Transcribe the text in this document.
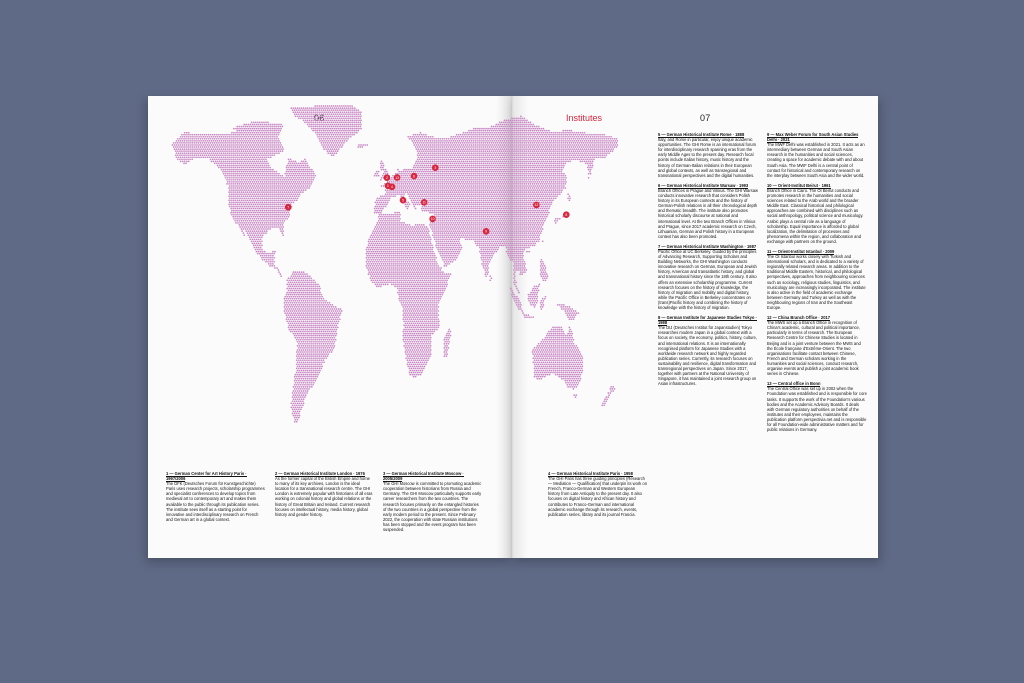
Institutes	07
1
2
3
4
5
6
7
8
9
10
11
12
13

1 — German Center for Art History Paris · 1997/2006
The DFK (Deutsches Forum für Kunstgeschichte) Paris uses research projects, scholarship programmes and specialist conferences to develop topics from medieval art to contemporary art and makes them available to the public through its publication series. The institute sees itself as a starting point for innovative and interdisciplinary research on French and German art in a global context.

2 — German Historical Institute London · 1976
As the former capital of the British Empire and home to many of its key archives, London is the ideal location for a transnational research centre. The GHI London is extremely popular with historians of all eras working on colonial history and global relations or the history of Great Britain and Ireland. Current research focuses on intellectual history, media history, global history and gender history.

3 — German Historical Institute Moscow · 2005/2009
The GHI Moscow is committed to promoting academic cooperation between historians from Russia and Germany. The GHI Moscow particularly supports early career researchers from the two countries. The research focuses primarily on the entangled histories of the two countries in a global perspective from the early modern period to the present. Since February 2022, the cooperation with state Russian institutions has been stopped and the event program has been suspended.

4 — German Historical Institute Paris · 1958
The GHI Paris has three guiding principles (Research — Mediation — Qualification) that underpin its work on French, Franco-German and Western European history from Late Antiquity to the present day. It also focuses on digital history and African history and contributes to Franco-German and international academic exchange through its research, events, publication series, library and its journal Francia.

5 — German Historical Institute Rome · 1888
Italy, and Rome in particular, enjoy unique academic opportunities. The GHI Rome is an international forum for interdisciplinary research spanning eras from the early Middle Ages to the present day. Research focal points include Italian history, music history and the history of German-Italian relations in their European and global contexts, as well as transregional and transnational perspectives and the digital humanities.

6 — German Historical Institute Warsaw · 1993
Branch Offices in Prague and Vilnius. The GHI Warsaw conducts innovative research that considers Polish history in its European contexts and the history of German-Polish relations in all their chronological depth and thematic breadth. The institute also promotes historical scholarly discourse at national and international level. At the two Branch Offices in Vilnius and Prague, since 2017 academic research on Czech, Lithuanian, German and Polish history in a European context has also been promoted.

7 — German Historical Institute Washington · 1987
Pacific Office at UC Berkeley. Guided by the principles of Advancing Research, Supporting Scholars and Building Networks, the GHI Washington conducts innovative research on German, European and Jewish history, American and transatlantic history, and global and transnational history since the 18th century. It also offers an extensive scholarship programme. Current research focuses on the history of knowledge, the history of migration and mobility and digital history, while the Pacific Office in Berkeley concentrates on (trans)Pacific history and combining the history of knowledge with the history of migration.

8 — German Institute for Japanese Studies Tokyo · 1988
The DIJ (Deutsches Institut für Japanstudien) Tokyo researches modern Japan in a global context with a focus on society, the economy, politics, history, culture, and international relations. It is an internationally recognised platform for Japanese Studies with a worldwide research network and highly regarded publication series. Currently, its research focuses on sustainability and resilience, digital transformation and transregional perspectives on Japan. Since 2017, together with partners at the National University of Singapore, it has maintained a joint research group on Asian infrastructures.

9 — Max Weber Forum for South Asian Studies Delhi · 2021
The MWF Delhi was established in 2021. It acts as an intermediary between German and South Asian research in the humanities and social sciences, creating a space for academic debate with and about South Asia. The MWF Delhi is a central point of contact for historical and contemporary research on the interplay between South Asia and the wider world.

10 — Orient-Institut Beirut · 1961
Branch Office in Cairo. The OI Beirut conducts and promotes research in the humanities and social sciences related to the Arab world and the broader Middle East. Classical historical and philological approaches are combined with disciplines such as social anthropology, political science and musicology. Arabic plays a central role as a language of scholarship. Equal importance is afforded to global localization, the delimitation of processes and phenomena within the region, and collaboration and exchange with partners on the ground.

11 — Orient-Institut Istanbul · 2009
The OI Istanbul works closely with Turkish and international scholars, and is dedicated to a variety of regionally related research areas. In addition to the traditional Middle Eastern, historical, and philological perspectives, approaches from neighbouring sciences such as sociology, religious studies, linguistics, and musicology are increasingly incorporated. The institute is also active in the field of academic exchange between Germany and Turkey as well as with the neighbouring regions of Iran and the Southeast Europe.

12 — China Branch Office · 2017
The MWS set up a Branch Office in recognition of China's academic, cultural and political importance, particularly in terms of research. The European Research Centre for Chinese Studies is located in Beijing and is a joint venture between the MWS and the École française d'Extrême-Orient. The two organisations facilitate contact between Chinese, French and German scholars working in the humanities and social sciences, conduct research, organise events and publish a joint academic book series in Chinese.

13 — Central office in Bonn
The Central Office was set up in 2002 when the Foundation was established and is responsible for core tasks. It supports the work of the Foundation's various bodies and the Academic Advisory Boards. It deals with German regulatory authorities on behalf of the institutes and their employees, maintains the publication platform perspectivia.net and is responsible for all Foundation-wide administrative matters and for public relations in Germany.
